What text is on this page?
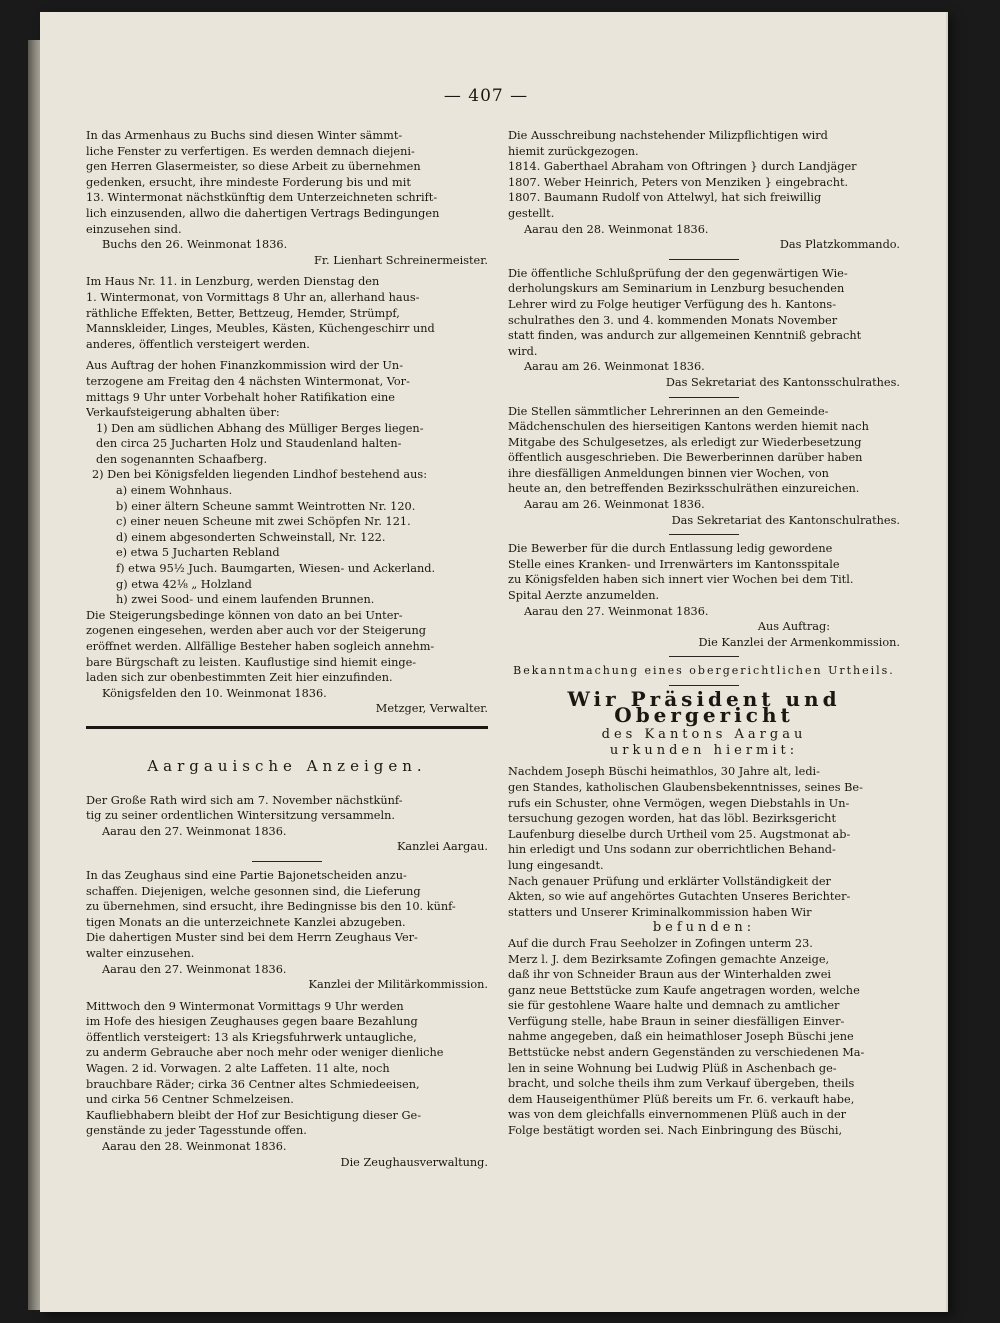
— 407 —
In das Armenhaus zu Buchs sind diesen Winter sämmt-
liche Fenster zu verfertigen. Es werden demnach diejeni-
gen Herren Glasermeister, so diese Arbeit zu übernehmen
gedenken, ersucht, ihre mindeste Forderung bis und mit
13. Wintermonat nächstkünftig dem Unterzeichneten schrift-
lich einzusenden, allwo die dahertigen Vertrags Bedingungen
einzusehen sind.
Buchs den 26. Weinmonat 1836.
Fr. Lienhart Schreinermeister.
Im Haus Nr. 11. in Lenzburg, werden Dienstag den
1. Wintermonat, von Vormittags 8 Uhr an, allerhand haus-
räthliche Effekten, Better, Bettzeug, Hemder, Strümpf,
Mannskleider, Linges, Meubles, Kästen, Küchengeschirr und
anderes, öffentlich versteigert werden.
Aus Auftrag der hohen Finanzkommission wird der Un-
terzogene am Freitag den 4 nächsten Wintermonat, Vor-
mittags 9 Uhr unter Vorbehalt hoher Ratifikation eine
Verkaufsteigerung abhalten über:
1) Den am südlichen Abhang des Mülliger Berges liegen-
den circa 25 Jucharten Holz und Staudenland halten-
den sogenannten Schaafberg.
2) Den bei Königsfelden liegenden Lindhof bestehend aus:
a) einem Wohnhaus.
b) einer ältern Scheune sammt Weintrotten Nr. 120.
c) einer neuen Scheune mit zwei Schöpfen Nr. 121.
d) einem abgesonderten Schweinstall, Nr. 122.
e) etwa 5 Jucharten Rebland
f) etwa 95½ Juch. Baumgarten, Wiesen- und Ackerland.
g) etwa 42⅛ „ Holzland
h) zwei Sood- und einem laufenden Brunnen.
Die Steigerungsbedinge können von dato an bei Unter-
zogenen eingesehen, werden aber auch vor der Steigerung
eröffnet werden. Allfällige Besteher haben sogleich annehm-
bare Bürgschaft zu leisten. Kauflustige sind hiemit einge-
laden sich zur obenbestimmten Zeit hier einzufinden.
Königsfelden den 10. Weinmonat 1836.
Metzger, Verwalter.
Aargauische Anzeigen.
Der Große Rath wird sich am 7. November nächstkünf-
tig zu seiner ordentlichen Wintersitzung versammeln.
Aarau den 27. Weinmonat 1836.
Kanzlei Aargau.
In das Zeughaus sind eine Partie Bajonetscheiden anzu-
schaffen. Diejenigen, welche gesonnen sind, die Lieferung
zu übernehmen, sind ersucht, ihre Bedingnisse bis den 10. künf-
tigen Monats an die unterzeichnete Kanzlei abzugeben.
Die dahertigen Muster sind bei dem Herrn Zeughaus Ver-
walter einzusehen.
Aarau den 27. Weinmonat 1836.
Kanzlei der Militärkommission.
Mittwoch den 9 Wintermonat Vormittags 9 Uhr werden
im Hofe des hiesigen Zeughauses gegen baare Bezahlung
öffentlich versteigert: 13 als Kriegsfuhrwerk untaugliche,
zu anderm Gebrauche aber noch mehr oder weniger dienliche
Wagen. 2 id. Vorwagen. 2 alte Laffeten. 11 alte, noch
brauchbare Räder; cirka 36 Centner altes Schmiedeeisen,
und cirka 56 Centner Schmelzeisen.
Kaufliebhabern bleibt der Hof zur Besichtigung dieser Ge-
genstände zu jeder Tagesstunde offen.
Aarau den 28. Weinmonat 1836.
Die Zeughausverwaltung.
Die Ausschreibung nachstehender Milizpflichtigen wird
hiemit zurückgezogen.
1814. Gaberthael Abraham von Oftringen } durch Landjäger
1807. Weber Heinrich, Peters von Menziken } eingebracht.
1807. Baumann Rudolf von Attelwyl, hat sich freiwillig
gestellt.
Aarau den 28. Weinmonat 1836.
Das Platzkommando.
Die öffentliche Schlußprüfung der den gegenwärtigen Wie-
derholungskurs am Seminarium in Lenzburg besuchenden
Lehrer wird zu Folge heutiger Verfügung des h. Kantons-
schulrathes den 3. und 4. kommenden Monats November
statt finden, was andurch zur allgemeinen Kenntniß gebracht
wird.
Aarau am 26. Weinmonat 1836.
Das Sekretariat des Kantonsschulrathes.
Die Stellen sämmtlicher Lehrerinnen an den Gemeinde-
Mädchenschulen des hierseitigen Kantons werden hiemit nach
Mitgabe des Schulgesetzes, als erledigt zur Wiederbesetzung
öffentlich ausgeschrieben. Die Bewerberinnen darüber haben
ihre diesfälligen Anmeldungen binnen vier Wochen, von
heute an, den betreffenden Bezirksschulräthen einzureichen.
Aarau am 26. Weinmonat 1836.
Das Sekretariat des Kantonschulrathes.
Die Bewerber für die durch Entlassung ledig gewordene
Stelle eines Kranken- und Irrenwärters im Kantonsspitale
zu Königsfelden haben sich innert vier Wochen bei dem Titl.
Spital Aerzte anzumelden.
Aarau den 27. Weinmonat 1836.
Aus Auftrag:
Die Kanzlei der Armenkommission.
Bekanntmachung eines obergerichtlichen Urtheils.
Wir Präsident und Obergericht
des Kantons Aargau
urkunden hiermit:
Nachdem Joseph Büschi heimathlos, 30 Jahre alt, ledi-
gen Standes, katholischen Glaubensbekenntnisses, seines Be-
rufs ein Schuster, ohne Vermögen, wegen Diebstahls in Un-
tersuchung gezogen worden, hat das löbl. Bezirksgericht
Laufenburg dieselbe durch Urtheil vom 25. Augstmonat ab-
hin erledigt und Uns sodann zur oberrichtlichen Behand-
lung eingesandt.
Nach genauer Prüfung und erklärter Vollständigkeit der
Akten, so wie auf angehörtes Gutachten Unseres Berichter-
statters und Unserer Kriminalkommission haben Wir
befunden:
Auf die durch Frau Seeholzer in Zofingen unterm 23.
Merz l. J. dem Bezirksamte Zofingen gemachte Anzeige,
daß ihr von Schneider Braun aus der Winterhalden zwei
ganz neue Bettstücke zum Kaufe angetragen worden, welche
sie für gestohlene Waare halte und demnach zu amtlicher
Verfügung stelle, habe Braun in seiner diesfälligen Einver-
nahme angegeben, daß ein heimathloser Joseph Büschi jene
Bettstücke nebst andern Gegenständen zu verschiedenen Ma-
len in seine Wohnung bei Ludwig Plüß in Aschenbach ge-
bracht, und solche theils ihm zum Verkauf übergeben, theils
dem Hauseigenthümer Plüß bereits um Fr. 6. verkauft habe,
was von dem gleichfalls einvernommenen Plüß auch in der
Folge bestätigt worden sei. Nach Einbringung des Büschi,
